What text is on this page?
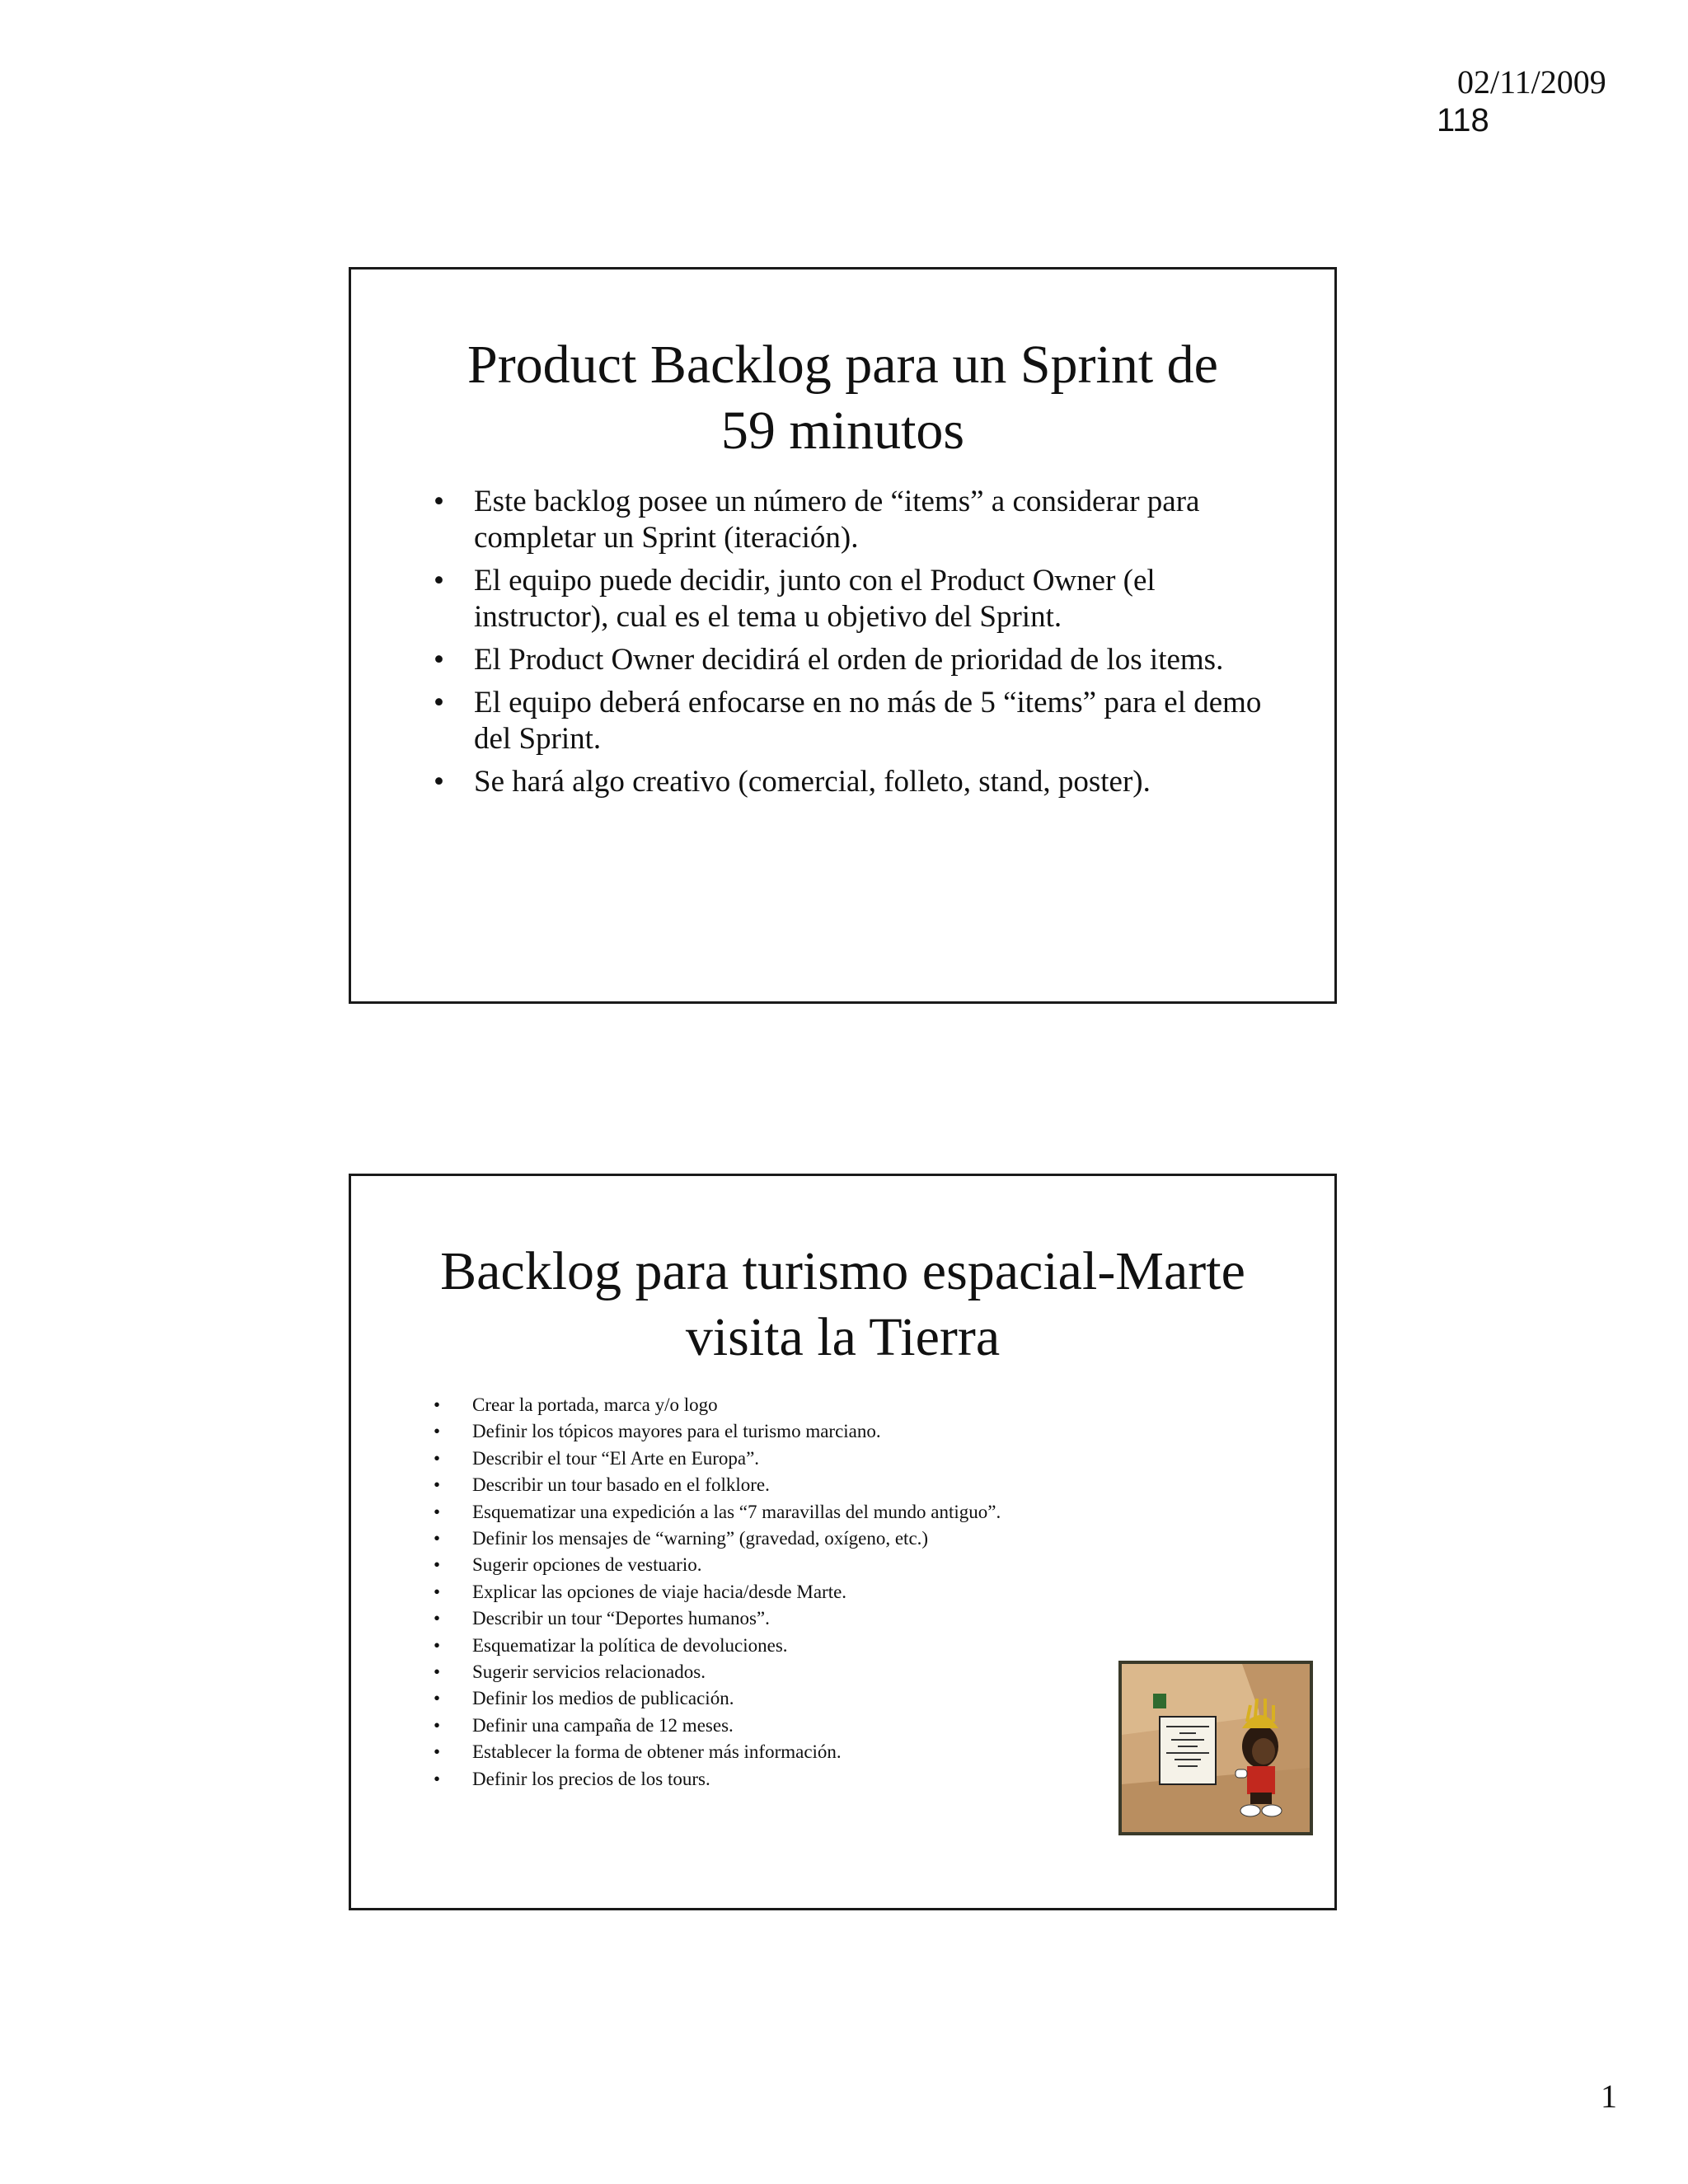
02/11/2009
118
Product Backlog para un Sprint de
59 minutos
• Este backlog posee un número de “items” a considerar para completar un Sprint (iteración).
• El equipo puede decidir, junto con el Product Owner (el instructor), cual es el tema u objetivo del Sprint.
• El Product Owner decidirá el orden de prioridad de los items.
• El equipo deberá enfocarse en no más de 5 “items” para el demo del Sprint.
• Se hará algo creativo (comercial, folleto, stand, poster).
Backlog para turismo espacial-Marte
visita la Tierra
• Crear la portada, marca y/o logo
• Definir los tópicos mayores para el turismo marciano.
• Describir el tour “El Arte en Europa”.
• Describir un tour basado en el folklore.
• Esquematizar una expedición a las “7 maravillas del mundo antiguo”.
• Definir los mensajes de “warning” (gravedad, oxígeno, etc.)
• Sugerir opciones de vestuario.
• Explicar las opciones de viaje hacia/desde Marte.
• Describir un tour “Deportes humanos”.
• Esquematizar la política de devoluciones.
• Sugerir servicios relacionados.
• Definir los medios de publicación.
• Definir una campaña de 12 meses.
• Establecer la forma de obtener más información.
• Definir los precios de los tours.
1
